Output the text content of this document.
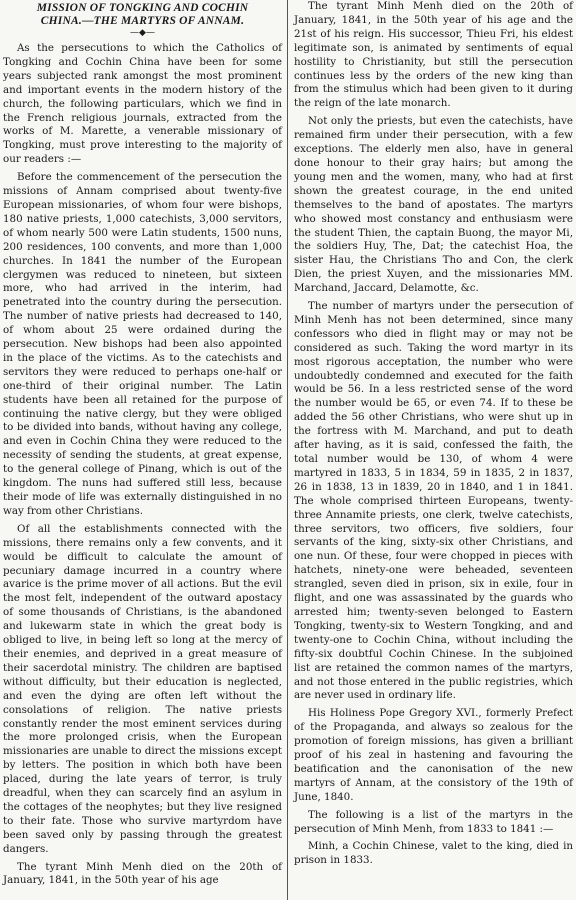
MISSION OF TONGKING AND COCHIN
CHINA.—THE MARTYRS OF ANNAM.
—◆—

As the persecutions to which the Catholics of Tongking and Cochin China have been for some years subjected rank amongst the most prominent and important events in the modern history of the church, the following particulars, which we find in the French religious journals, extracted from the works of M. Marette, a venerable missionary of Tongking, must prove interesting to the majority of our readers :—

Before the commencement of the persecution the missions of Annam comprised about twenty-five European missionaries, of whom four were bishops, 180 native priests, 1,000 catechists, 3,000 servitors, of whom nearly 500 were Latin students, 1500 nuns, 200 residences, 100 convents, and more than 1,000 churches. In 1841 the number of the European clergymen was reduced to nineteen, but sixteen more, who had arrived in the interim, had penetrated into the country during the persecution. The number of native priests had decreased to 140, of whom about 25 were ordained during the persecution. New bishops had been also appointed in the place of the victims. As to the catechists and servitors they were reduced to perhaps one-half or one-third of their original number. The Latin students have been all retained for the purpose of continuing the native clergy, but they were obliged to be divided into bands, without having any college, and even in Cochin China they were reduced to the necessity of sending the students, at great expense, to the general college of Pinang, which is out of the kingdom. The nuns had suffered still less, because their mode of life was externally distinguished in no way from other Christians.

Of all the establishments connected with the missions, there remains only a few convents, and it would be difficult to calculate the amount of pecuniary damage incurred in a country where avarice is the prime mover of all actions. But the evil the most felt, independent of the outward apostacy of some thousands of Christians, is the abandoned and lukewarm state in which the great body is obliged to live, in being left so long at the mercy of their enemies, and deprived in a great measure of their sacerdotal ministry. The children are baptised without difficulty, but their education is neglected, and even the dying are often left without the consolations of religion. The native priests constantly render the most eminent services during the more prolonged crisis, when the European missionaries are unable to direct the missions except by letters. The position in which both have been placed, during the late years of terror, is truly dreadful, when they can scarcely find an asylum in the cottages of the neophytes; but they live resigned to their fate. Those who survive martyrdom have been saved only by passing through the greatest dangers.

The tyrant Minh Menh died on the 20th of January, 1841, in the 50th year of his age

The tyrant Minh Menh died on the 20th of January, 1841, in the 50th year of his age and the 21st of his reign. His successor, Thieu Fri, his eldest legitimate son, is animated by sentiments of equal hostility to Christianity, but still the persecution continues less by the orders of the new king than from the stimulus which had been given to it during the reign of the late monarch.

Not only the priests, but even the catechists, have remained firm under their persecution, with a few exceptions. The elderly men also, have in general done honour to their gray hairs; but among the young men and the women, many, who had at first shown the greatest courage, in the end united themselves to the band of apostates. The martyrs who showed most constancy and enthusiasm were the student Thien, the captain Buong, the mayor Mi, the soldiers Huy, The, Dat; the catechist Hoa, the sister Hau, the Christians Tho and Con, the clerk Dien, the priest Xuyen, and the missionaries MM. Marchand, Jaccard, Delamotte, &c.

The number of martyrs under the persecution of Minh Menh has not been determined, since many confessors who died in flight may or may not be considered as such. Taking the word martyr in its most rigorous acceptation, the number who were undoubtedly condemned and executed for the faith would be 56. In a less restricted sense of the word the number would be 65, or even 74. If to these be added the 56 other Christians, who were shut up in the fortress with M. Marchand, and put to death after having, as it is said, confessed the faith, the total number would be 130, of whom 4 were martyred in 1833, 5 in 1834, 59 in 1835, 2 in 1837, 26 in 1838, 13 in 1839, 20 in 1840, and 1 in 1841. The whole comprised thirteen Europeans, twenty-three Annamite priests, one clerk, twelve catechists, three servitors, two officers, five soldiers, four servants of the king, sixty-six other Christians, and one nun. Of these, four were chopped in pieces with hatchets, ninety-one were beheaded, seventeen strangled, seven died in prison, six in exile, four in flight, and one was assassinated by the guards who arrested him; twenty-seven belonged to Eastern Tongking, twenty-six to Western Tongking, and and twenty-one to Cochin China, without including the fifty-six doubtful Cochin Chinese. In the subjoined list are retained the common names of the martyrs, and not those entered in the public registries, which are never used in ordinary life.

His Holiness Pope Gregory XVI., formerly Prefect of the Propaganda, and always so zealous for the promotion of foreign missions, has given a brilliant proof of his zeal in hastening and favouring the beatification and the canonisation of the new martyrs of Annam, at the consistory of the 19th of June, 1840.

The following is a list of the martyrs in the persecution of Minh Menh, from 1833 to 1841 :—

Minh, a Cochin Chinese, valet to the king, died in prison in 1833.
